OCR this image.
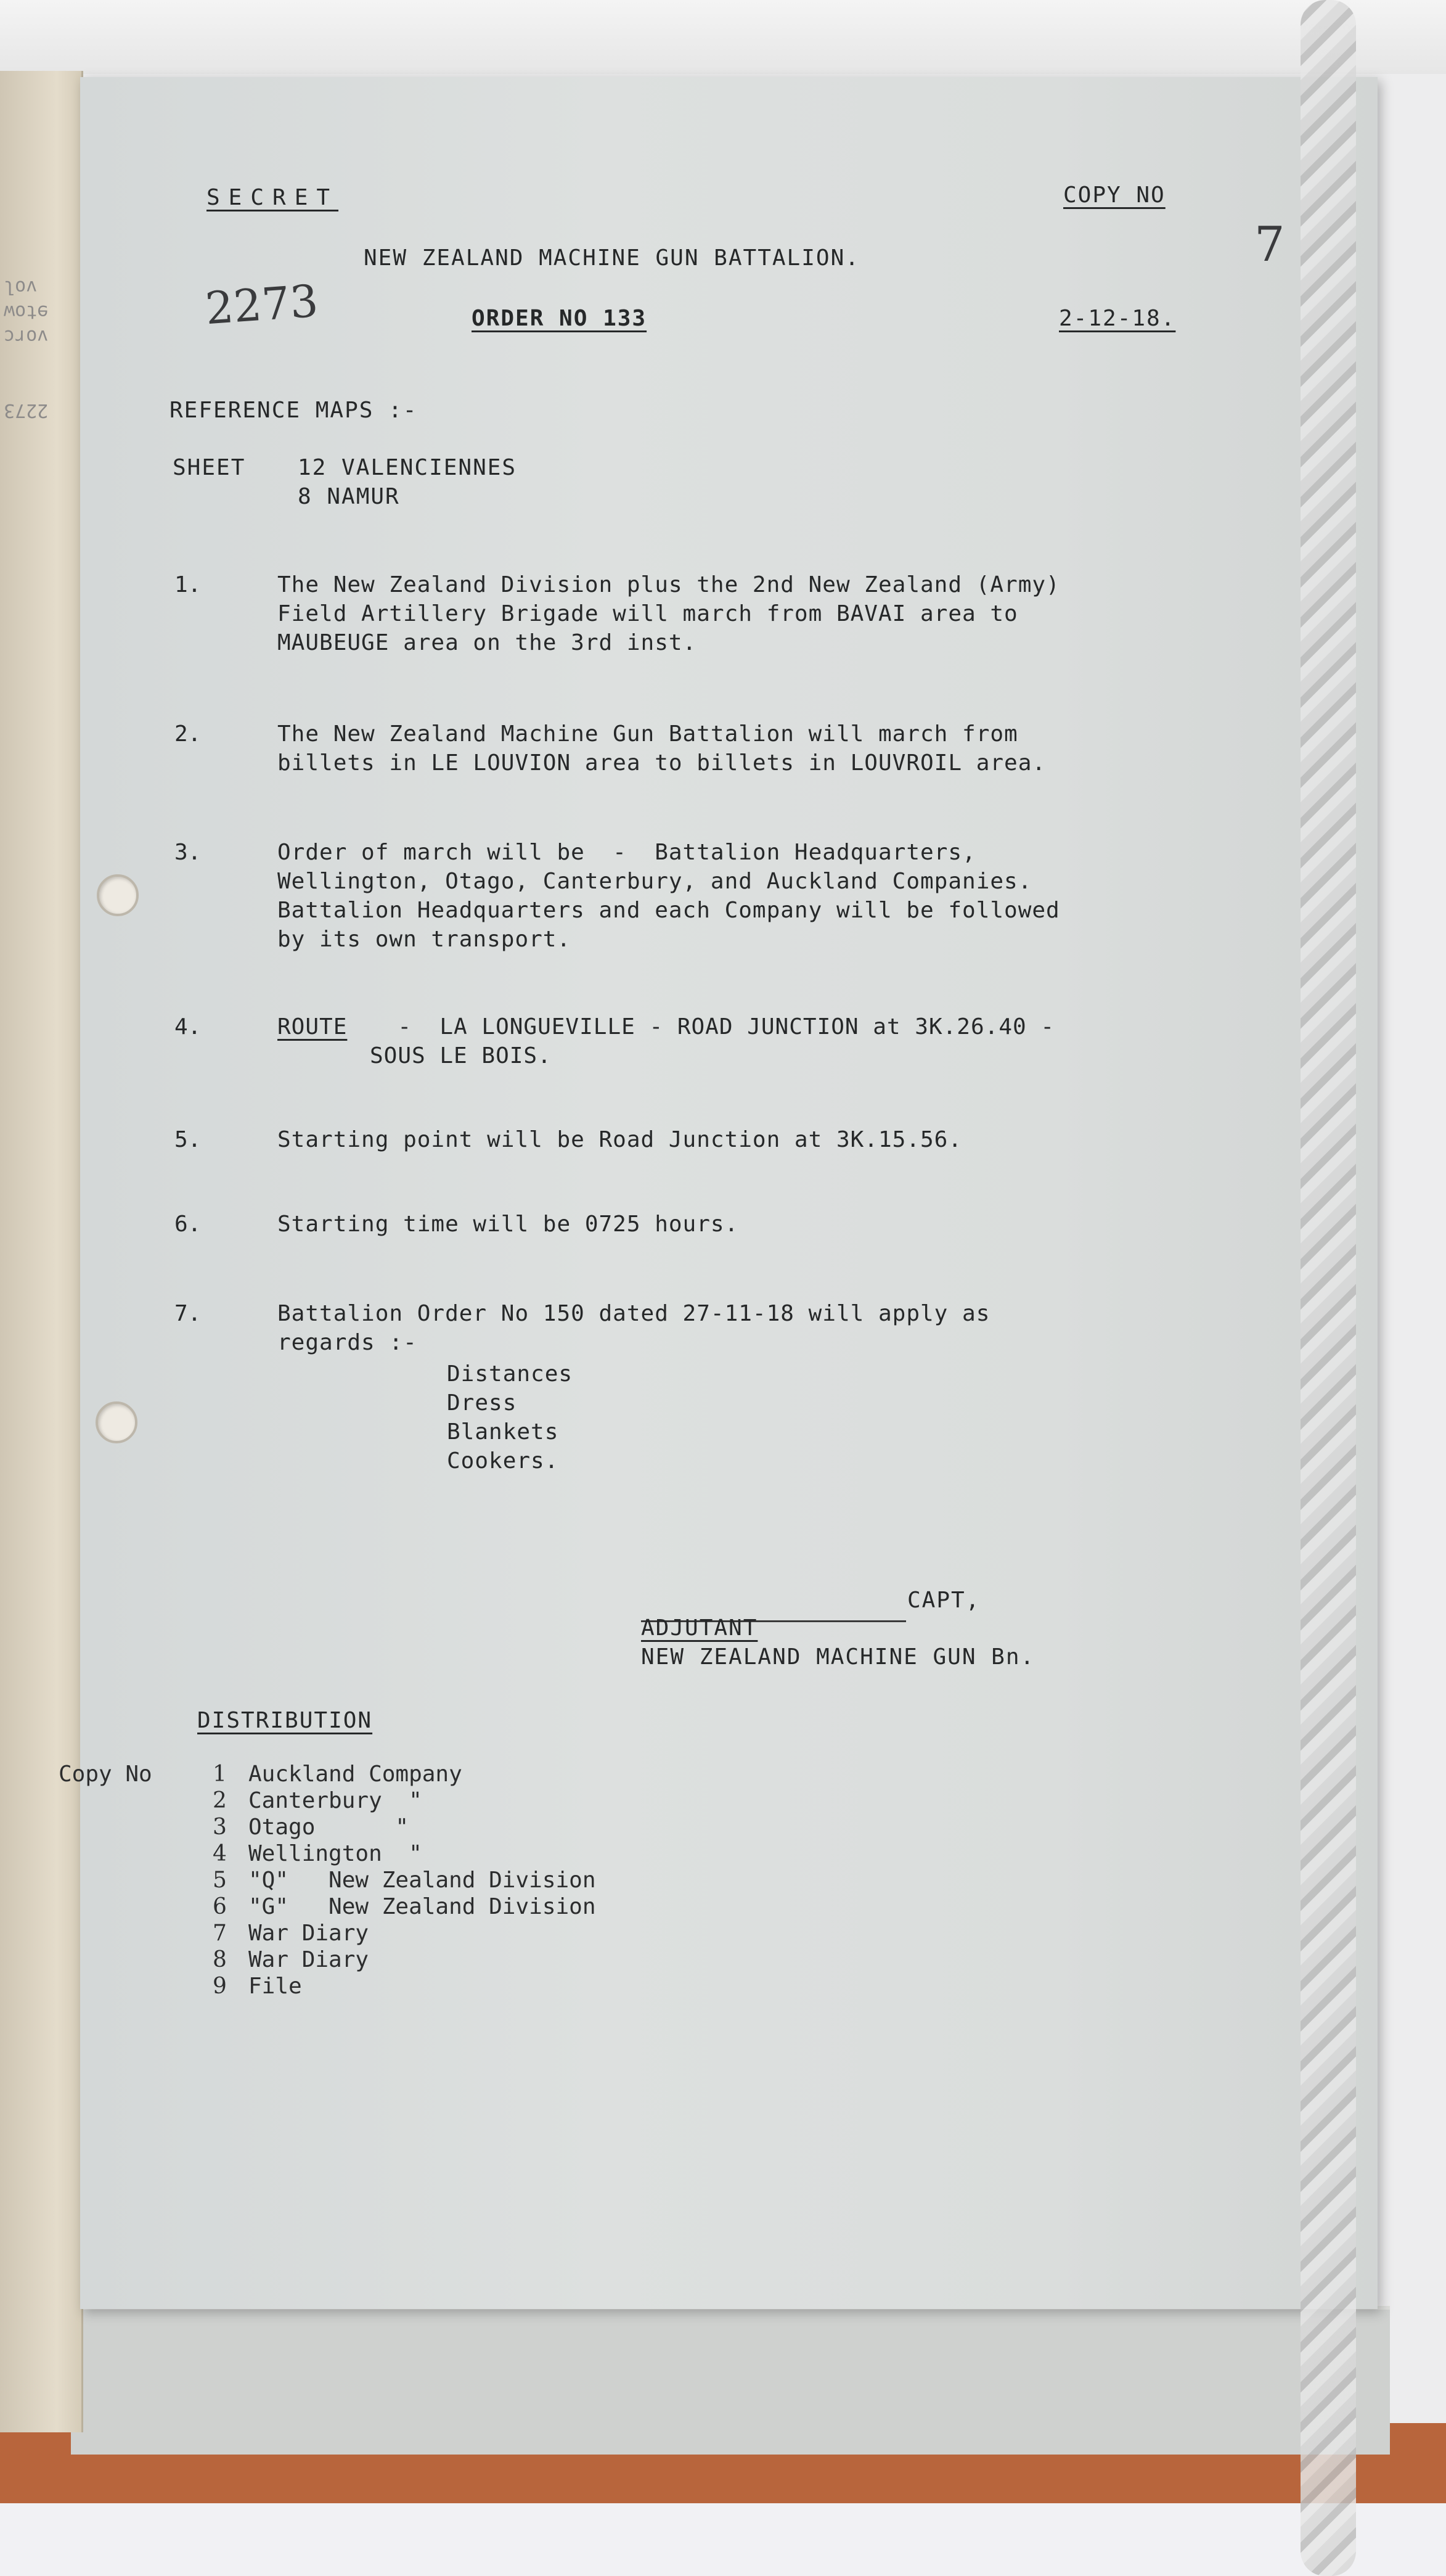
2273

vorc
ɘtow
vol
SECRET	COPY NO
7
2273
NEW ZEALAND MACHINE GUN BATTALION.
ORDER NO 133	2-12-18.
REFERENCE MAPS :-
SHEET 12 VALENCIENNES
8 NAMUR
1.	The New Zealand Division plus the 2nd New Zealand (Army)
Field Artillery Brigade will march from BAVAI area to
MAUBEUGE area on the 3rd inst.
2.	The New Zealand Machine Gun Battalion will march from
billets in LE LOUVION area to billets in LOUVROIL area.
3.	Order of march will be  -  Battalion Headquarters,
Wellington, Otago, Canterbury, and Auckland Companies.
Battalion Headquarters and each Company will be followed
by its own transport.
4.	ROUTE	-  LA LONGUEVILLE - ROAD JUNCTION at 3K.26.40 -
SOUS LE BOIS.
5.	Starting point will be Road Junction at 3K.15.56.
6.	Starting time will be 0725 hours.
7.	Battalion Order No 150 dated 27-11-18 will apply as
regards :-
Distances
Dress
Blankets
Cookers.
CAPT,
ADJUTANT
NEW ZEALAND MACHINE GUN Bn.
DISTRIBUTION
Copy No	1 Auckland Company
2 Canterbury  "
3 Otago      "
4 Wellington  "
5 "Q"   New Zealand Division
6 "G"   New Zealand Division
7 War Diary
8 War Diary
9 File
